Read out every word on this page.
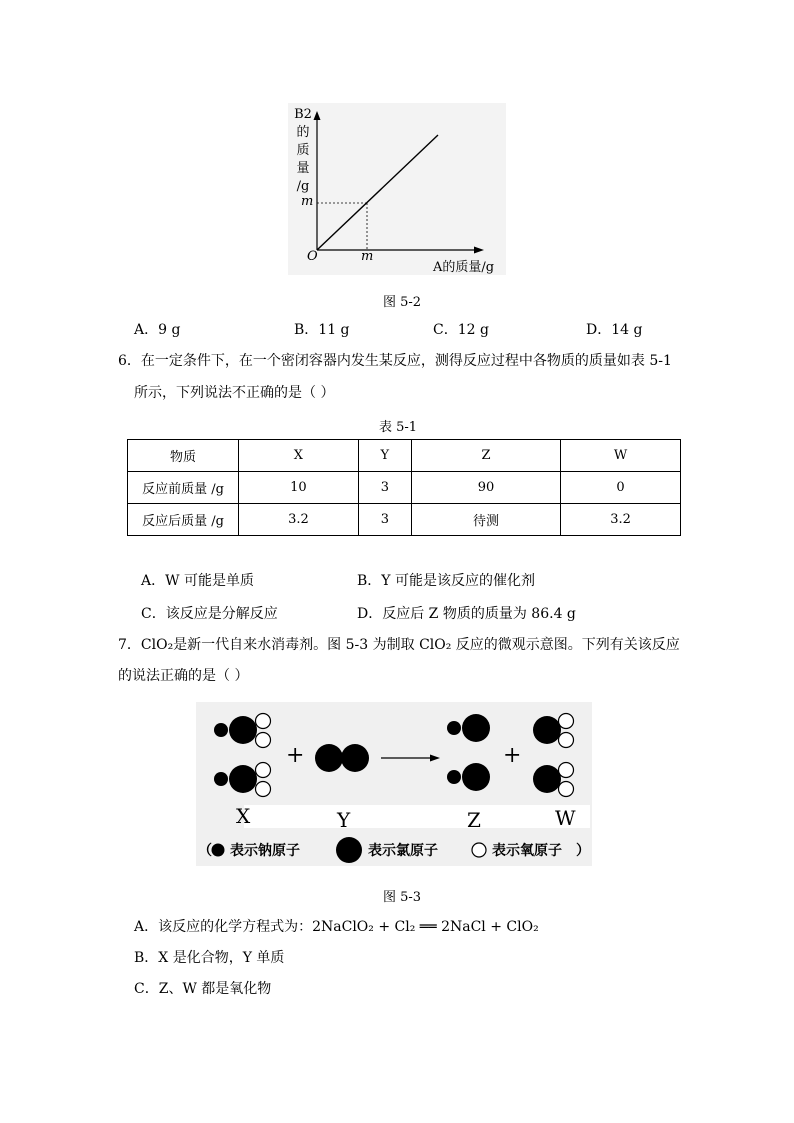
B2
的
质
量
/g
m
O	m
A的质量/g
图 5-2
A．9 g	B．11 g	C．12 g	D．14 g
6．在一定条件下，在一个密闭容器内发生某反应，测得反应过程中各物质的质量如表 5-1
所示，下列说法不正确的是（ ）
表 5-1
物质	X	Y	Z	W
反应前质量 /g	10	3	90	0
反应后质量 /g	3.2	3	待测	3.2
A．W 可能是单质	B．Y 可能是该反应的催化剂
C．该反应是分解反应	D．反应后 Z 物质的质量为 86.4 g
7．ClO₂是新一代自来水消毒剂。图 5-3 为制取 ClO₂ 反应的微观示意图。下列有关该反应
的说法正确的是（ ）
+	+
X	Y	Z	W
（ 表示钠原子	表示氯原子	表示氧原子 ）
图 5-3
A．该反应的化学方程式为：2NaClO₂ + Cl₂ ══ 2NaCl + ClO₂
B．X 是化合物，Y 单质
C．Z、W 都是氧化物
